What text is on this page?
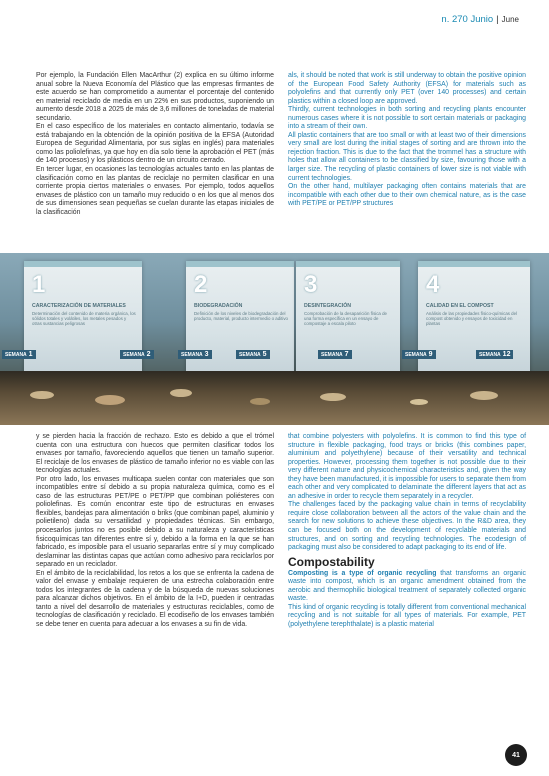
n. 270 Junio | June

Por ejemplo, la Fundación Ellen MacArthur (2) explica en su último informe anual sobre la Nueva Economía del Plástico que las empresas firmantes de este acuerdo se han comprometido a aumentar el porcentaje del contenido en material reciclado de media en un 22% en sus productos, suponiendo un aumento desde 2018 a 2025 de más de 3,6 millones de toneladas de material secundario.

En el caso específico de los materiales en contacto alimentario, todavía se está trabajando en la obtención de la opinión positiva de la EFSA (Autoridad Europea de Seguridad Alimentaria, por sus siglas en inglés) para materiales como las poliolefinas, ya que hoy en día solo tiene la aprobación el PET (más de 140 procesos) y los plásticos dentro de un circuito cerrado.

En tercer lugar, en ocasiones las tecnologías actuales tanto en las plantas de clasificación como en las plantas de reciclaje no permiten clasificar en una corriente propia ciertos materiales o envases. Por ejemplo, todos aquellos envases de plástico con un tamaño muy reducido o en los que al menos dos de sus dimensiones sean pequeñas se cuelan durante las etapas iniciales de la clasificación

als, it should be noted that work is still underway to obtain the positive opinion of the European Food Safety Authority (EFSA) for materials such as polyolefins and that currently only PET (over 140 processes) and certain plastics within a closed loop are approved.

Thirdly, current technologies in both sorting and recycling plants encounter numerous cases where it is not possible to sort certain materials or packaging into a stream of their own.

All plastic containers that are too small or with at least two of their dimensions very small are lost during the initial stages of sorting and are thrown into the rejection fraction. This is due to the fact that the trommel has a structure with holes that allow all containers to be classified by size, favouring those with a larger size. The recycling of plastic containers of lower size is not viable with current technologies.

On the other hand, multilayer packaging often contains materials that are incompatible with each other due to their own chemical nature, as is the case with PET/PE or PET/PP structures

1
CARACTERIZACIÓN DE MATERIALES
Determinación del contenido de materia orgánica, los sólidos totales y volátiles, los metales pesados y otras sustancias peligrosas
2
BIODEGRADACIÓN
Definición de los niveles de biodegradación del producto, material, producto intermedio o aditivo
3
DESINTEGRACIÓN
Comprobación de la desaparición física de una forma específica en un ensayo de compostaje a escala piloto
4
CALIDAD EN EL COMPOST
Análisis de las propiedades físico-químicas del compost obtenido y ensayos de toxicidad en plantas
SEMANA 1	SEMANA 2	SEMANA 3	SEMANA 5	SEMANA 7	SEMANA 9	SEMANA 12

y se pierden hacia la fracción de rechazo. Esto es debido a que el trómel cuenta con una estructura con huecos que permiten clasificar todos los envases por tamaño, favoreciendo aquellos que tienen un tamaño superior. El reciclaje de los envases de plástico de tamaño inferior no es viable con las tecnologías actuales.

Por otro lado, los envases multicapa suelen contar con materiales que son incompatibles entre sí debido a su propia naturaleza química, como es el caso de las estructuras PET/PE o PET/PP que combinan poliésteres con poliolefinas. Es común encontrar este tipo de estructuras en envases flexibles, bandejas para alimentación o briks (que combinan papel, aluminio y polietileno) dada su versatilidad y propiedades técnicas. Sin embargo, procesarlos juntos no es posible debido a su naturaleza y características fisicoquímicas tan diferentes entre sí y, debido a la forma en la que se han fabricado, es imposible para el usuario separarlas entre sí y muy complicado deslaminar las distintas capas que actúan como adhesivo para reciclarlos por separado en un reciclador.

En el ámbito de la reciclabilidad, los retos a los que se enfrenta la cadena de valor del envase y embalaje requieren de una estrecha colaboración entre todos los integrantes de la cadena y de la búsqueda de nuevas soluciones para alcanzar dichos objetivos. En el ámbito de la I+D, pueden ir centradas tanto a nivel del desarrollo de materiales y estructuras reciclables, como de tecnologías de clasificación y reciclado. El ecodiseño de los envases también se debe tener en cuenta para adecuar a los envases a su fin de vida.

that combine polyesters with polyolefins. It is common to find this type of structure in flexible packaging, food trays or bricks (this combines paper, aluminium and polyethylene) because of their versatility and technical properties. However, processing them together is not possible due to their very different nature and physicochemical characteristics and, given the way they have been manufactured, it is impossible for users to separate them from each other and very complicated to delaminate the different layers that act as an adhesive in order to recycle them separately in a recycler.

The challenges faced by the packaging value chain in terms of recyclability require close collaboration between all the actors of the value chain and the search for new solutions to achieve these objectives. In the R&D area, they can be focused both on the development of recyclable materials and structures, and on sorting and recycling technologies. The ecodesign of packaging must also be considered to adapt packaging to its end of life.

Compostability

Composting is a type of organic recycling that transforms an organic waste into compost, which is an organic amendment obtained from the aerobic and thermophilic biological treatment of separately collected organic waste.

This kind of organic recycling is totally different from conventional mechanical recycling and is not suitable for all types of materials. For example, PET (polyethylene terephthalate) is a plastic material

41
